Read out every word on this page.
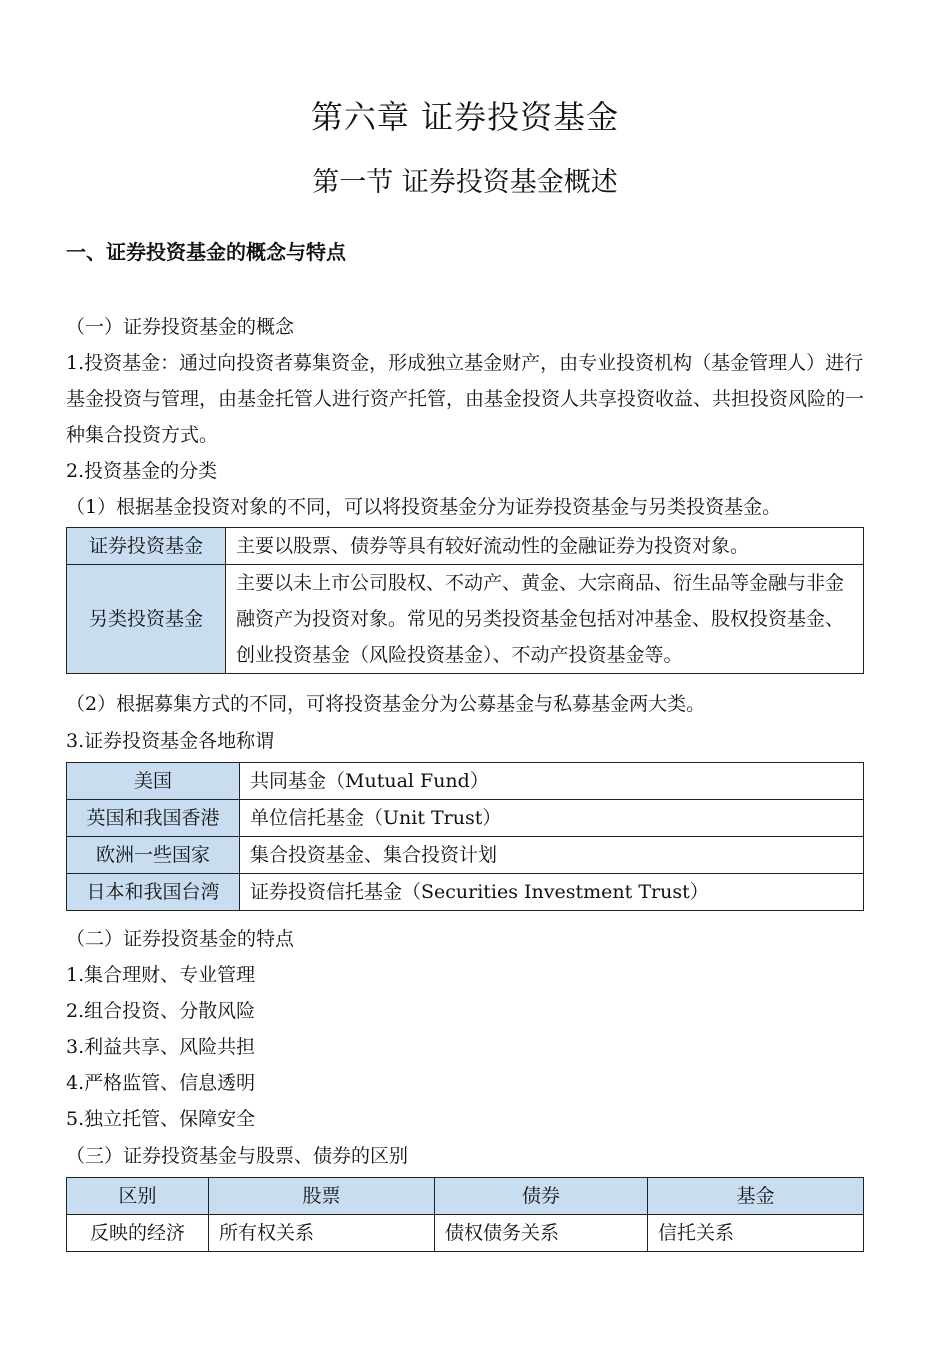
第六章 证券投资基金
第一节 证券投资基金概述
一、证券投资基金的概念与特点
（一）证券投资基金的概念
1.投资基金：通过向投资者募集资金，形成独立基金财产，由专业投资机构（基金管理人）进行基金投资与管理，由基金托管人进行资产托管，由基金投资人共享投资收益、共担投资风险的一种集合投资方式。
2.投资基金的分类
（1）根据基金投资对象的不同，可以将投资基金分为证券投资基金与另类投资基金。
证券投资基金	主要以股票、债券等具有较好流动性的金融证券为投资对象。
另类投资基金	主要以未上市公司股权、不动产、黄金、大宗商品、衍生品等金融与非金融资产为投资对象。常见的另类投资基金包括对冲基金、股权投资基金、创业投资基金（风险投资基金）、不动产投资基金等。
（2）根据募集方式的不同，可将投资基金分为公募基金与私募基金两大类。
3.证券投资基金各地称谓
美国	共同基金（Mutual Fund）
英国和我国香港	单位信托基金（Unit Trust）
欧洲一些国家	集合投资基金、集合投资计划
日本和我国台湾	证券投资信托基金（Securities Investment Trust）
（二）证券投资基金的特点
1.集合理财、专业管理
2.组合投资、分散风险
3.利益共享、风险共担
4.严格监管、信息透明
5.独立托管、保障安全
（三）证券投资基金与股票、债券的区别
区别	股票	债券	基金
反映的经济	所有权关系	债权债务关系	信托关系
